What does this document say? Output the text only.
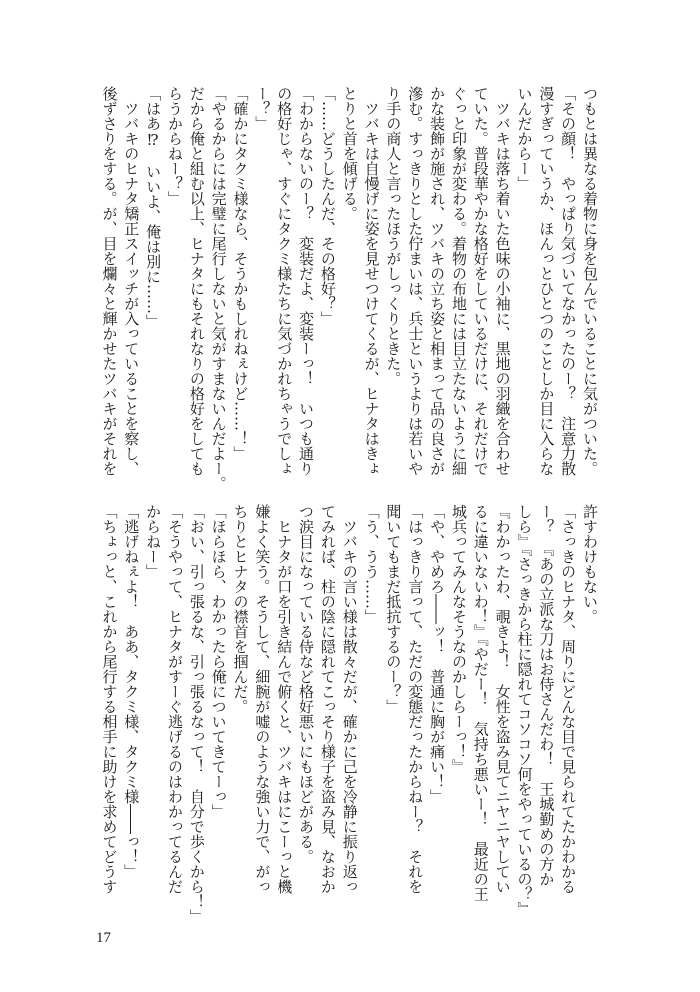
つもとは異なる着物に身を包んでいることに気がついた。
「その顔！　やっぱり気づいてなかったのー？　注意力散
漫すぎっていうか、ほんっとひとつのことしか目に入らな
いんだからー」
　ツバキは落ち着いた色味の小袖に、黒地の羽織を合わせ
ていた。普段華やかな格好をしているだけに、それだけで
ぐっと印象が変わる。着物の布地には目立たないように細
かな装飾が施され、ツバキの立ち姿と相まって品の良さが
滲む。すっきりとした佇まいは、兵士というよりは若いや
り手の商人と言ったほうがしっくりときた。
　ツバキは自慢げに姿を見せつけてくるが、ヒナタはきょ
とりと首を傾げる。
「……どうしたんだ、その格好？」
「わからないのー？　変装だよ、変装ーっ！　いつも通り
の格好じゃ、すぐにタクミ様たちに気づかれちゃうでしょ
ー？」
「確かにタクミ様なら、そうかもしれねぇけど……！」
「やるからには完璧に尾行しないと気がすまないんだよー。
だから俺と組む以上、ヒナタにもそれなりの格好をしても
らうからねー？」
「はあ⁉　いいよ、俺は別に……」
　ツバキのヒナタ矯正スイッチが入っていることを察し、
後ずさりをする。が、目を爛々と輝かせたツバキがそれを
許すわけもない。
「さっきのヒナタ、周りにどんな目で見られてたかわかる
ー？　『あの立派な刀はお侍さんだわ！　王城勤めの方か
しら』『さっきから柱に隠れてコソコソ何をやっているの？』
『わかったわ、覗きよ！　女性を盗み見てニヤニヤしてい
るに違いないわ！』『やだー！　気持ち悪いー！　最近の王
城兵ってみんなそうなのかしらーっ！』
「や、やめろ――ッ！　普通に胸が痛い！」
「はっきり言って、ただの変態だったからねー？　それを
聞いてもまだ抵抗するのー？」
「う、うう……」
　ツバキの言い様は散々だが、確かに己を冷静に振り返っ
てみれば、柱の陰に隠れてこっそり様子を盗み見、なおか
つ涙目になっている侍など格好悪いにもほどがある。
　ヒナタが口を引き結んで俯くと、ツバキはにこーっと機
嫌よく笑う。そうして、細腕が嘘のような強い力で、がっ
ちりとヒナタの襟首を掴んだ。
「ほらほら、わかったら俺についてきてーっ」
「おい、引っ張るな、引っ張るなって！　自分で歩くから！」
「そうやって、ヒナタがすーぐ逃げるのはわかってるんだ
からねー」
「逃げねぇよ！　ああ、タクミ様、タクミ様――っ！」
「ちょっと、これから尾行する相手に助けを求めてどうす
17
